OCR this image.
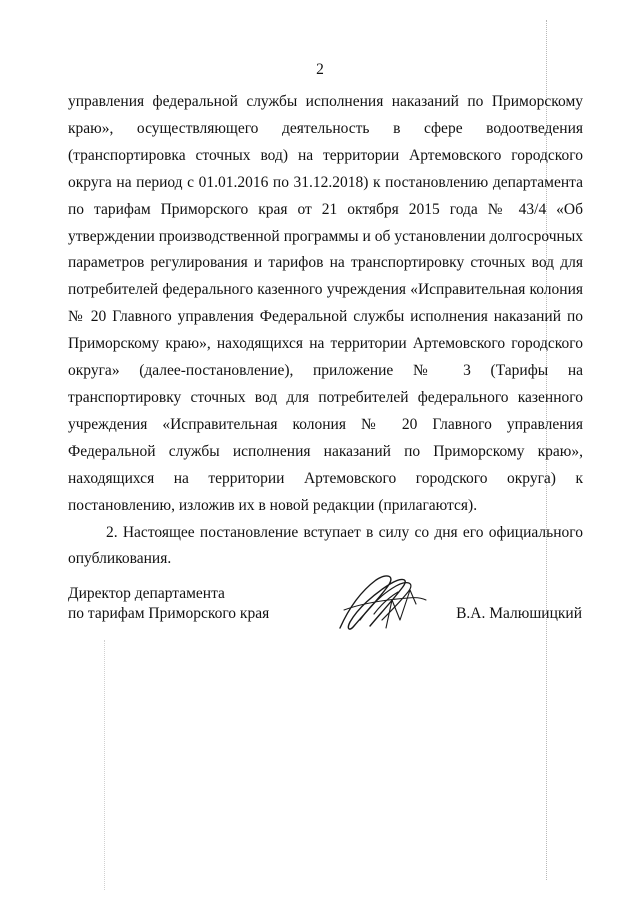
2

управления федеральной службы исполнения наказаний по Приморскому краю», осуществляющего деятельность в сфере водоотведения (транспортировка сточных вод) на территории Артемовского городского округа на период с 01.01.2016 по 31.12.2018) к постановлению департамента по тарифам Приморского края от 21 октября 2015 года № 43/4 «Об утверждении производственной программы и об установлении долгосрочных параметров регулирования и тарифов на транспортировку сточных вод для потребителей федерального казенного учреждения «Исправительная колония № 20 Главного управления Федеральной службы исполнения наказаний по Приморскому краю», находящихся на территории Артемовского городского округа» (далее-постановление), приложение № 3 (Тарифы на транспортировку сточных вод для потребителей федерального казенного учреждения «Исправительная колония № 20 Главного управления Федеральной службы исполнения наказаний по Приморскому краю», находящихся на территории Артемовского городского округа) к постановлению, изложив их в новой редакции (прилагаются).

2. Настоящее постановление вступает в силу со дня его официального опубликования.

Директор департамента
по тарифам Приморского края	В.А. Малюшицкий
